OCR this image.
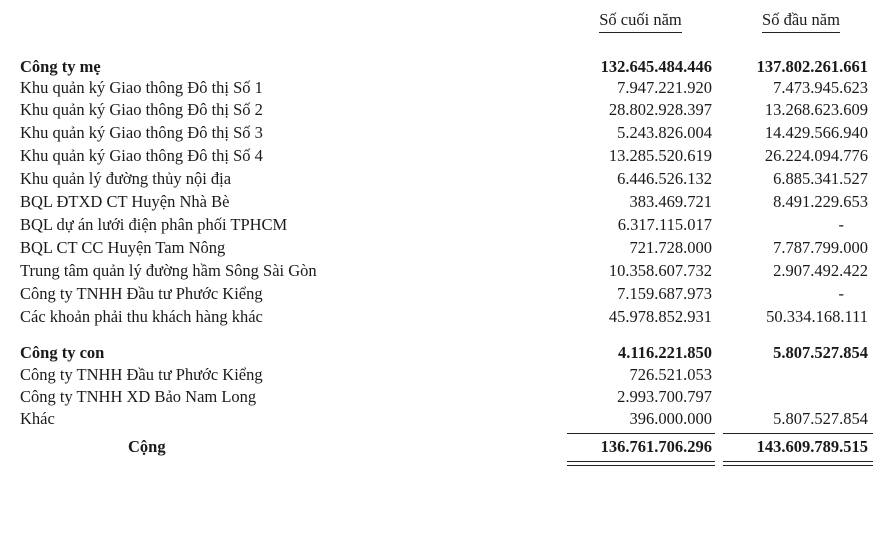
Số cuối năm	Số đầu năm
Công ty mẹ	132.645.484.446	137.802.261.661
Khu quản ký Giao thông Đô thị Số 1	7.947.221.920	7.473.945.623
Khu quản ký Giao thông Đô thị Số 2	28.802.928.397	13.268.623.609
Khu quản ký Giao thông Đô thị Số 3	5.243.826.004	14.429.566.940
Khu quản ký Giao thông Đô thị Số 4	13.285.520.619	26.224.094.776
Khu quản lý đường thủy nội địa	6.446.526.132	6.885.341.527
BQL ĐTXD CT Huyện Nhà Bè	383.469.721	8.491.229.653
BQL dự án lưới điện phân phối TPHCM	6.317.115.017	-
BQL CT CC Huyện Tam Nông	721.728.000	7.787.799.000
Trung tâm quản lý đường hầm Sông Sài Gòn	10.358.607.732	2.907.492.422
Công ty TNHH Đầu tư Phước Kiểng	7.159.687.973	-
Các khoản phải thu khách hàng khác	45.978.852.931	50.334.168.111
Công ty con	4.116.221.850	5.807.527.854
Công ty TNHH Đầu tư Phước Kiểng	726.521.053
Công ty TNHH XD Bảo Nam Long	2.993.700.797
Khác	396.000.000	5.807.527.854
Cộng	136.761.706.296	143.609.789.515
